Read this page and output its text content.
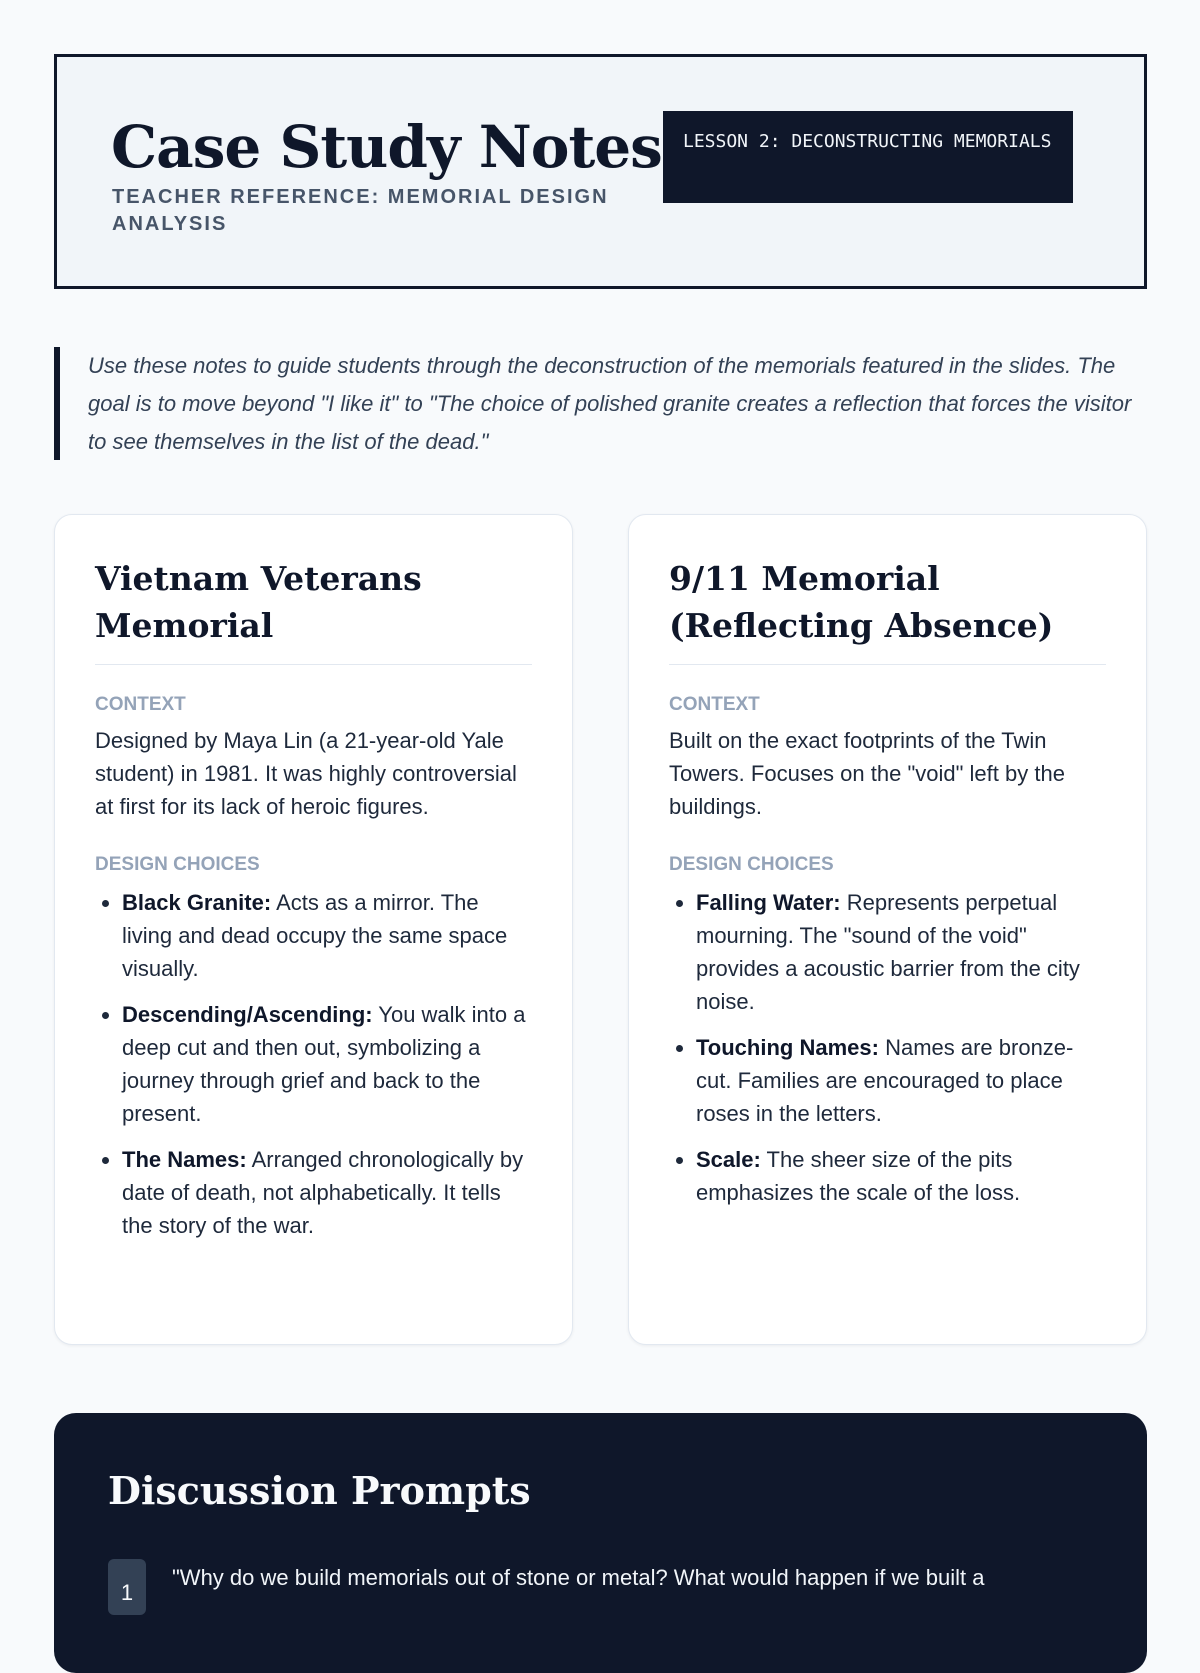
Case Study Notes
TEACHER REFERENCE: MEMORIAL DESIGN ANALYSIS
LESSON 2: DECONSTRUCTING MEMORIALS
Use these notes to guide students through the deconstruction of the memorials featured in the slides. The goal is to move beyond "I like it" to "The choice of polished granite creates a reflection that forces the visitor to see themselves in the list of the dead."
Vietnam Veterans Memorial
CONTEXT
Designed by Maya Lin (a 21-year-old Yale student) in 1981. It was highly controversial at first for its lack of heroic figures.
DESIGN CHOICES
• Black Granite: Acts as a mirror. The living and dead occupy the same space visually.
• Descending/Ascending: You walk into a deep cut and then out, symbolizing a journey through grief and back to the present.
• The Names: Arranged chronologically by date of death, not alphabetically. It tells the story of the war.
9/11 Memorial (Reflecting Absence)
CONTEXT
Built on the exact footprints of the Twin Towers. Focuses on the "void" left by the buildings.
DESIGN CHOICES
• Falling Water: Represents perpetual mourning. The "sound of the void" provides a acoustic barrier from the city noise.
• Touching Names: Names are bronze-cut. Families are encouraged to place roses in the letters.
• Scale: The sheer size of the pits emphasizes the scale of the loss.
Discussion Prompts
1
"Why do we build memorials out of stone or metal? What would happen if we built a
